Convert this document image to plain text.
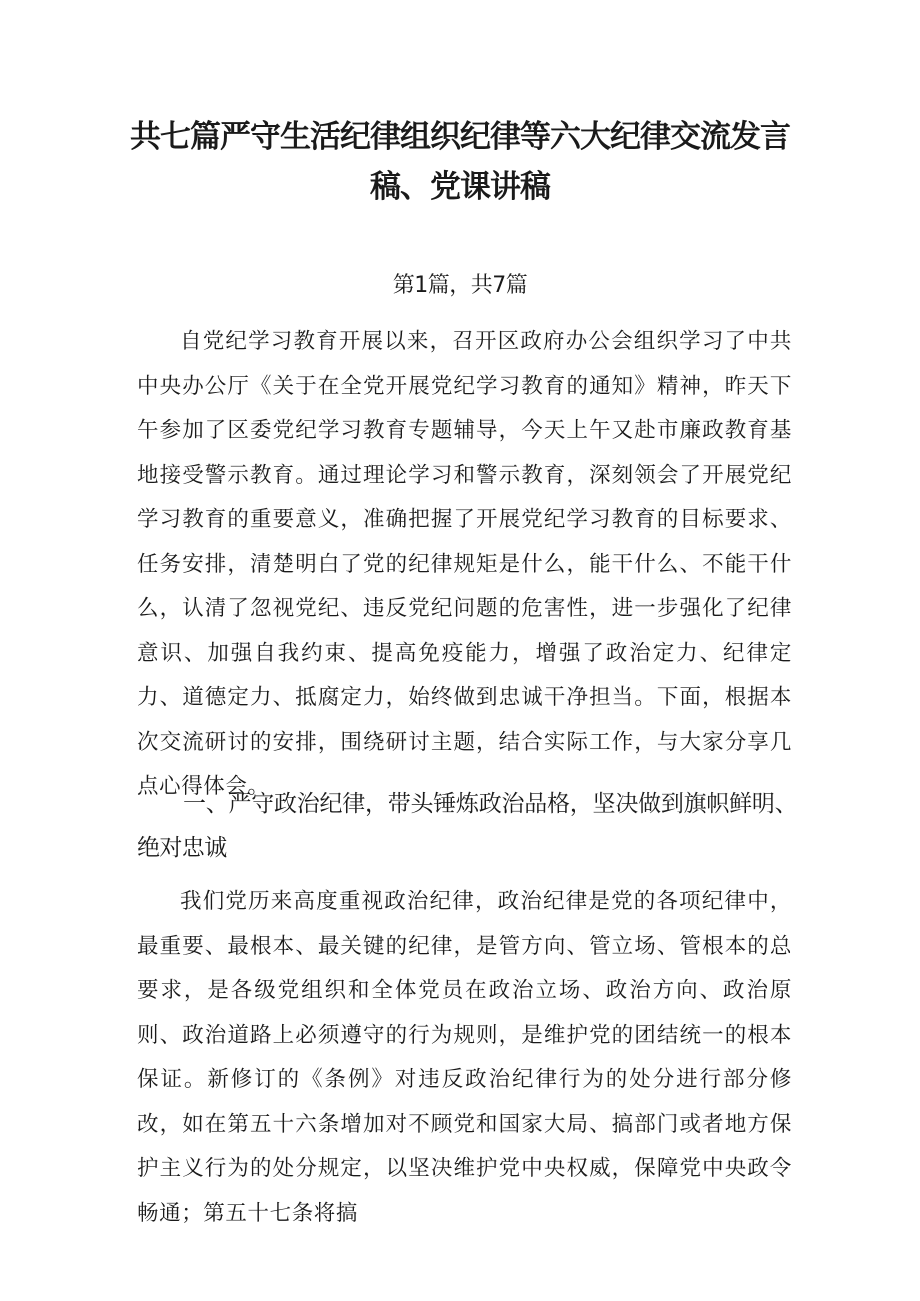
共七篇严守生活纪律组织纪律等六大纪律交流发言稿、党课讲稿
第1篇，共7篇

自党纪学习教育开展以来，召开区政府办公会组织学习了中共中央办公厅《关于在全党开展党纪学习教育的通知》精神，昨天下午参加了区委党纪学习教育专题辅导，今天上午又赴市廉政教育基地接受警示教育。通过理论学习和警示教育，深刻领会了开展党纪学习教育的重要意义，准确把握了开展党纪学习教育的目标要求、任务安排，清楚明白了党的纪律规矩是什么，能干什么、不能干什么，认清了忽视党纪、违反党纪问题的危害性，进一步强化了纪律意识、加强自我约束、提高免疫能力，增强了政治定力、纪律定力、道德定力、抵腐定力，始终做到忠诚干净担当。下面，根据本次交流研讨的安排，围绕研讨主题，结合实际工作，与大家分享几点心得体会。

一、严守政治纪律，带头锤炼政治品格，坚决做到旗帜鲜明、绝对忠诚

我们党历来高度重视政治纪律，政治纪律是党的各项纪律中，最重要、最根本、最关键的纪律，是管方向、管立场、管根本的总要求，是各级党组织和全体党员在政治立场、政治方向、政治原则、政治道路上必须遵守的行为规则，是维护党的团结统一的根本保证。新修订的《条例》对违反政治纪律行为的处分进行部分修改，如在第五十六条增加对不顾党和国家大局、搞部门或者地方保护主义行为的处分规定，以坚决维护党中央权威，保障党中央政令畅通；第五十七条将搞
